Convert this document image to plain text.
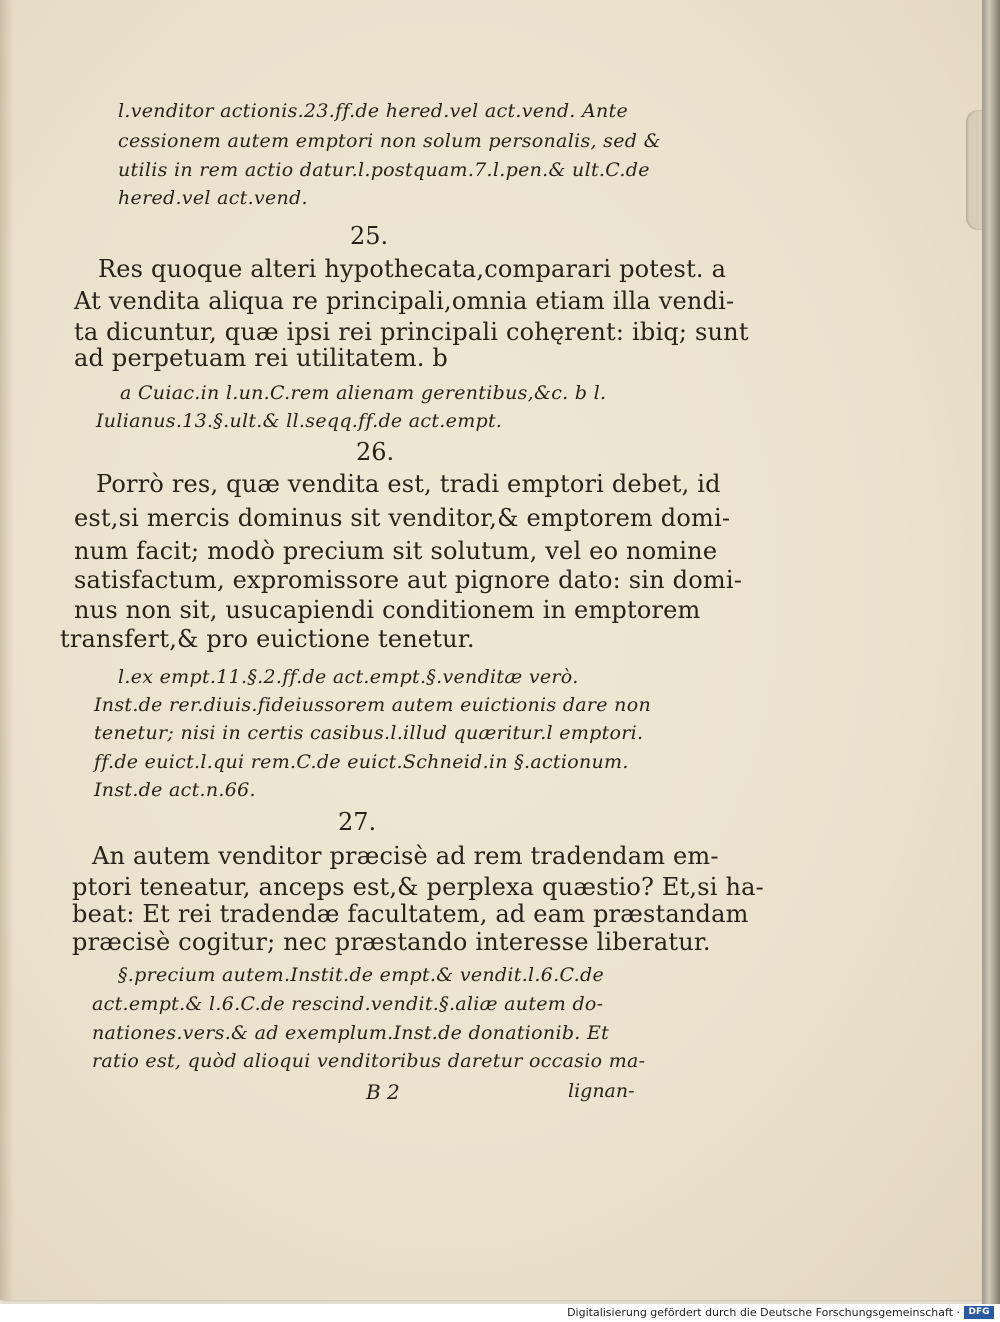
l.venditor actionis.23.ff.de hered.vel act.vend. Ante

cessionem autem emptori non solum personalis, sed &

utilis in rem actio datur.l.postquam.7.l.pen.& ult.C.de

hered.vel act.vend.

25.

Res quoque alteri hypothecata,comparari potest. a

At vendita aliqua re principali,omnia etiam illa vendi-

ta dicuntur, quæ ipsi rei principali cohęrent: ibiq; sunt

ad perpetuam rei utilitatem. b

a Cuiac.in l.un.C.rem alienam gerentibus,&c. b l.

Iulianus.13.§.ult.& ll.seqq.ff.de act.empt.

26.

Porrò res, quæ vendita est, tradi emptori debet, id

est,si mercis dominus sit venditor,& emptorem domi-

num facit; modò precium sit solutum, vel eo nomine

satisfactum, expromissore aut pignore dato: sin domi-

nus non sit, usucapiendi conditionem in emptorem

transfert,& pro euictione tenetur.

l.ex empt.11.§.2.ff.de act.empt.§.venditæ verò.

Inst.de rer.diuis.fideiussorem autem euictionis dare non

tenetur; nisi in certis casibus.l.illud quæritur.l emptori.

ff.de euict.l.qui rem.C.de euict.Schneid.in §.actionum.

Inst.de act.n.66.

27.

An autem venditor præcisè ad rem tradendam em-

ptori teneatur, anceps est,& perplexa quæstio? Et,si ha-

beat: Et rei tradendæ facultatem, ad eam præstandam

præcisè cogitur; nec præstando interesse liberatur.

§.precium autem.Instit.de empt.& vendit.l.6.C.de

act.empt.& l.6.C.de rescind.vendit.§.aliæ autem do-

nationes.vers.& ad exemplum.Inst.de donationib. Et

ratio est, quòd alioqui venditoribus daretur occasio ma-

B 2	lignan-

Digitalisierung gefördert durch die Deutsche Forschungsgemeinschaft · DFG
